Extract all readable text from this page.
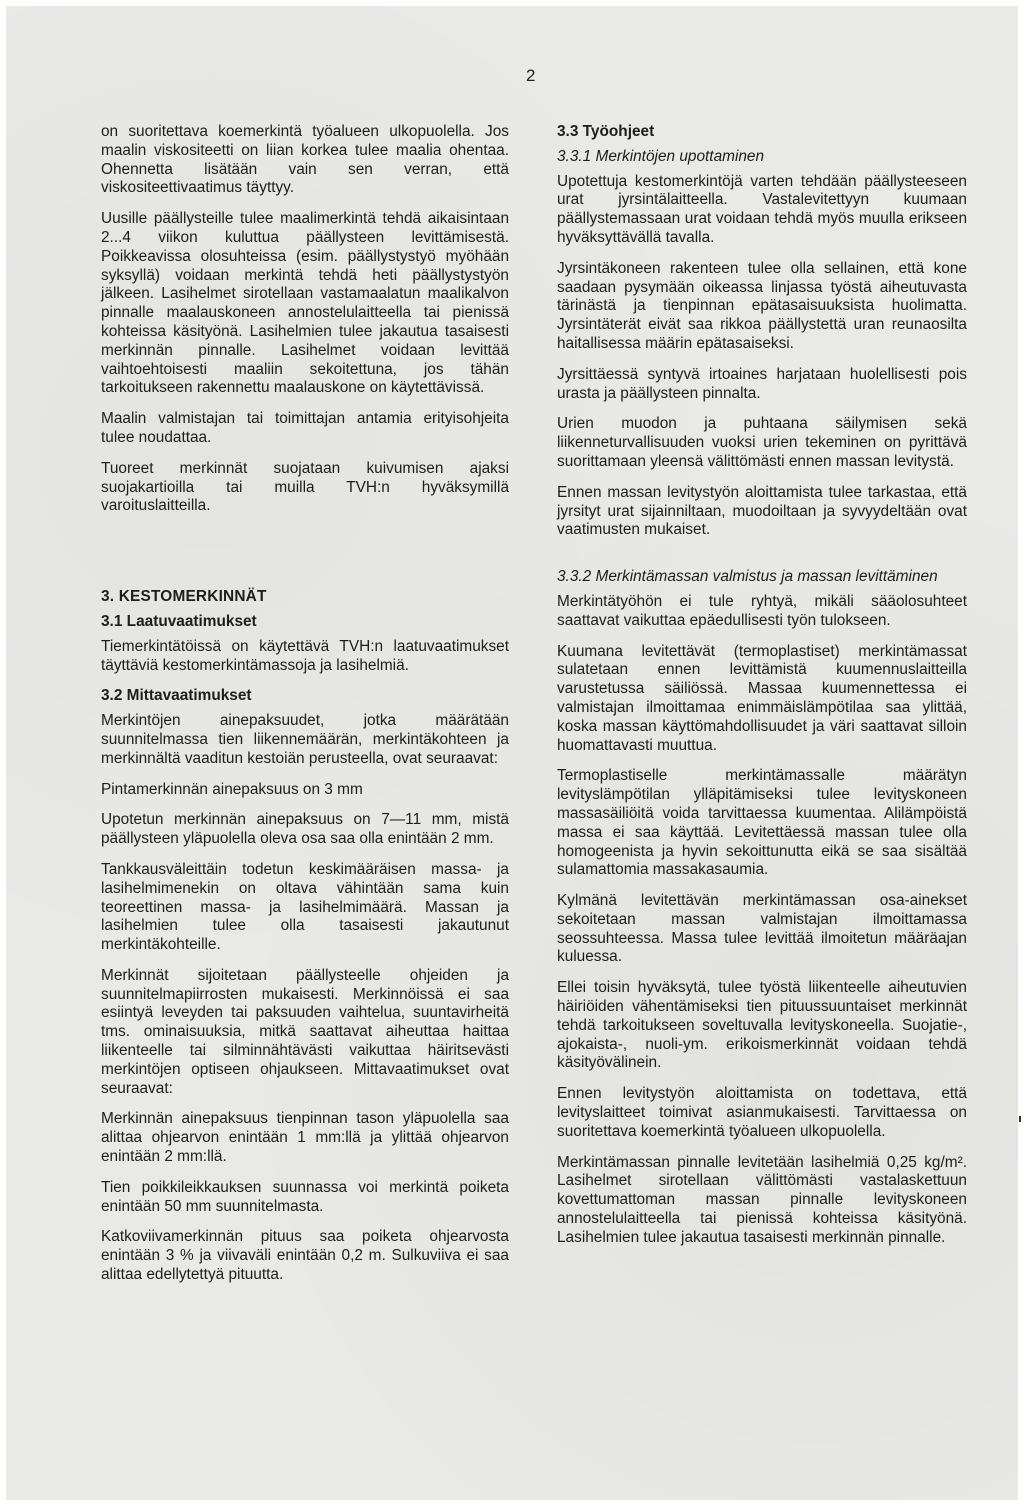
2

on suoritettava koemerkintä työalueen ulkopuolella. Jos maalin viskositeetti on liian korkea tulee maalia ohentaa. Ohennetta lisätään vain sen verran, että viskositeettivaatimus täyttyy.

Uusille päällysteille tulee maalimerkintä tehdä aikaisintaan 2...4 viikon kuluttua päällysteen levittämisestä. Poikkeavissa olosuhteissa (esim. päällystystyö myöhään syksyllä) voidaan merkintä tehdä heti päällystystyön jälkeen. Lasihelmet sirotellaan vastamaalatun maalikalvon pinnalle maalauskoneen annostelulaitteella tai pienissä kohteissa käsityönä. Lasihelmien tulee jakautua tasaisesti merkinnän pinnalle. Lasihelmet voidaan levittää vaihtoehtoisesti maaliin sekoitettuna, jos tähän tarkoitukseen rakennettu maalauskone on käytettävissä.

Maalin valmistajan tai toimittajan antamia erityisohjeita tulee noudattaa.

Tuoreet merkinnät suojataan kuivumisen ajaksi suojakartioilla tai muilla TVH:n hyväksymillä varoituslaitteilla.

3. KESTOMERKINNÄT
3.1 Laatuvaatimukset

Tiemerkintätöissä on käytettävä TVH:n laatuvaatimukset täyttäviä kestomerkintämassoja ja lasihelmiä.

3.2 Mittavaatimukset

Merkintöjen ainepaksuudet, jotka määrätään suunnitelmassa tien liikennemäärän, merkintäkohteen ja merkinnältä vaaditun kestoiän perusteella, ovat seuraavat:

Pintamerkinnän ainepaksuus on 3 mm

Upotetun merkinnän ainepaksuus on 7—11 mm, mistä päällysteen yläpuolella oleva osa saa olla enintään 2 mm.

Tankkausväleittäin todetun keskimääräisen massa- ja lasihelmimenekin on oltava vähintään sama kuin teoreettinen massa- ja lasihelmimäärä. Massan ja lasihelmien tulee olla tasaisesti jakautunut merkintäkohteille.

Merkinnät sijoitetaan päällysteelle ohjeiden ja suunnitelmapiirrosten mukaisesti. Merkinnöissä ei saa esiintyä leveyden tai paksuuden vaihtelua, suuntavirheitä tms. ominaisuuksia, mitkä saattavat aiheuttaa haittaa liikenteelle tai silminnähtävästi vaikuttaa häiritsevästi merkintöjen optiseen ohjaukseen. Mittavaatimukset ovat seuraavat:

Merkinnän ainepaksuus tienpinnan tason yläpuolella saa alittaa ohjearvon enintään 1 mm:llä ja ylittää ohjearvon enintään 2 mm:llä.

Tien poikkileikkauksen suunnassa voi merkintä poiketa enintään 50 mm suunnitelmasta.

Katkoviivamerkinnän pituus saa poiketa ohjearvosta enintään 3 % ja viivaväli enintään 0,2 m. Sulkuviiva ei saa alittaa edellytettyä pituutta.

3.3 Työohjeet
3.3.1 Merkintöjen upottaminen

Upotettuja kestomerkintöjä varten tehdään päällysteeseen urat jyrsintälaitteella. Vastalevitettyyn kuumaan päällystemassaan urat voidaan tehdä myös muulla erikseen hyväksyttävällä tavalla.

Jyrsintäkoneen rakenteen tulee olla sellainen, että kone saadaan pysymään oikeassa linjassa työstä aiheutuvasta tärinästä ja tienpinnan epätasaisuuksista huolimatta. Jyrsintäterät eivät saa rikkoa päällystettä uran reunaosilta haitallisessa määrin epätasaiseksi.

Jyrsittäessä syntyvä irtoaines harjataan huolellisesti pois urasta ja päällysteen pinnalta.

Urien muodon ja puhtaana säilymisen sekä liikenneturvallisuuden vuoksi urien tekeminen on pyrittävä suorittamaan yleensä välittömästi ennen massan levitystä.

Ennen massan levitystyön aloittamista tulee tarkastaa, että jyrsityt urat sijainniltaan, muodoiltaan ja syvyydeltään ovat vaatimusten mukaiset.

3.3.2 Merkintämassan valmistus ja massan levittäminen

Merkintätyöhön ei tule ryhtyä, mikäli sääolosuhteet saattavat vaikuttaa epäedullisesti työn tulokseen.

Kuumana levitettävät (termoplastiset) merkintämassat sulatetaan ennen levittämistä kuumennuslaitteilla varustetussa säiliössä. Massaa kuumennettessa ei valmistajan ilmoittamaa enimmäislämpötilaa saa ylittää, koska massan käyttömahdollisuudet ja väri saattavat silloin huomattavasti muuttua.

Termoplastiselle merkintämassalle määrätyn levityslämpötilan ylläpitämiseksi tulee levityskoneen massasäiliöitä voida tarvittaessa kuumentaa. Alilämpöistä massa ei saa käyttää. Levitettäessä massan tulee olla homogeenista ja hyvin sekoittunutta eikä se saa sisältää sulamattomia massakasaumia.

Kylmänä levitettävän merkintämassan osa-ainekset sekoitetaan massan valmistajan ilmoittamassa seossuhteessa. Massa tulee levittää ilmoitetun määräajan kuluessa.

Ellei toisin hyväksytä, tulee työstä liikenteelle aiheutuvien häiriöiden vähentämiseksi tien pituussuuntaiset merkinnät tehdä tarkoitukseen soveltuvalla levityskoneella. Suojatie-, ajokaista-, nuoli-ym. erikoismerkinnät voidaan tehdä käsityövälinein.

Ennen levitystyön aloittamista on todettava, että levityslaitteet toimivat asianmukaisesti. Tarvittaessa on suoritettava koemerkintä työalueen ulkopuolella.

Merkintämassan pinnalle levitetään lasihelmiä 0,25 kg/m². Lasihelmet sirotellaan välittömästi vastalaskettuun kovettumattoman massan pinnalle levityskoneen annostelulaitteella tai pienissä kohteissa käsityönä. Lasihelmien tulee jakautua tasaisesti merkinnän pinnalle.
